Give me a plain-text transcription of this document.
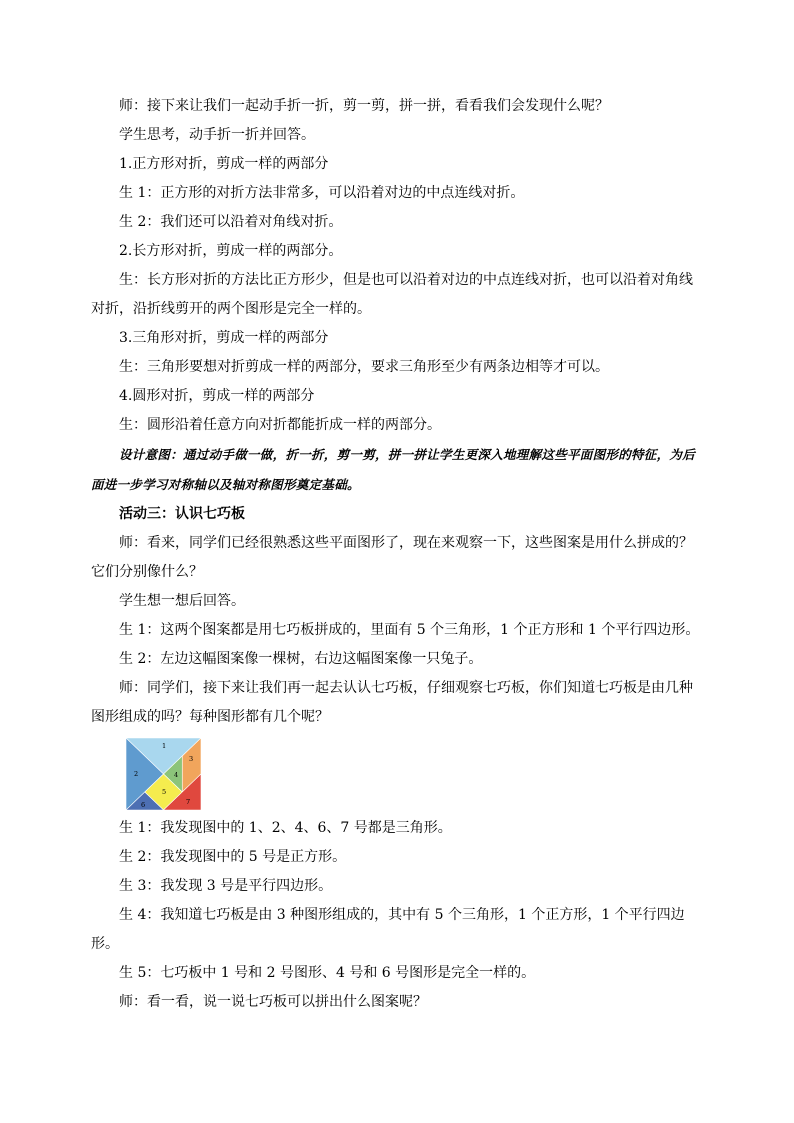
师：接下来让我们一起动手折一折，剪一剪，拼一拼，看看我们会发现什么呢？

学生思考，动手折一折并回答。

1.正方形对折，剪成一样的两部分

生 1：正方形的对折方法非常多，可以沿着对边的中点连线对折。

生 2：我们还可以沿着对角线对折。

2.长方形对折，剪成一样的两部分。

生：长方形对折的方法比正方形少，但是也可以沿着对边的中点连线对折，也可以沿着对角线对折，沿折线剪开的两个图形是完全一样的。

3.三角形对折，剪成一样的两部分

生：三角形要想对折剪成一样的两部分，要求三角形至少有两条边相等才可以。

4.圆形对折，剪成一样的两部分

生：圆形沿着任意方向对折都能折成一样的两部分。

设计意图：通过动手做一做，折一折，剪一剪，拼一拼让学生更深入地理解这些平面图形的特征，为后面进一步学习对称轴以及轴对称图形奠定基础。

活动三：认识七巧板

师：看来，同学们已经很熟悉这些平面图形了，现在来观察一下，这些图案是用什么拼成的？它们分别像什么？

学生想一想后回答。

生 1：这两个图案都是用七巧板拼成的，里面有 5 个三角形，1 个正方形和 1 个平行四边形。

生 2：左边这幅图案像一棵树，右边这幅图案像一只兔子。

师：同学们，接下来让我们再一起去认认七巧板，仔细观察七巧板，你们知道七巧板是由几种图形组成的吗？每种图形都有几个呢？

1
2
3
4
5
6	7

生 1：我发现图中的 1、2、4、6、7 号都是三角形。

生 2：我发现图中的 5 号是正方形。

生 3：我发现 3 号是平行四边形。

生 4：我知道七巧板是由 3 种图形组成的，其中有 5 个三角形，1 个正方形，1 个平行四边形。

生 5：七巧板中 1 号和 2 号图形、4 号和 6 号图形是完全一样的。

师：看一看，说一说七巧板可以拼出什么图案呢？
